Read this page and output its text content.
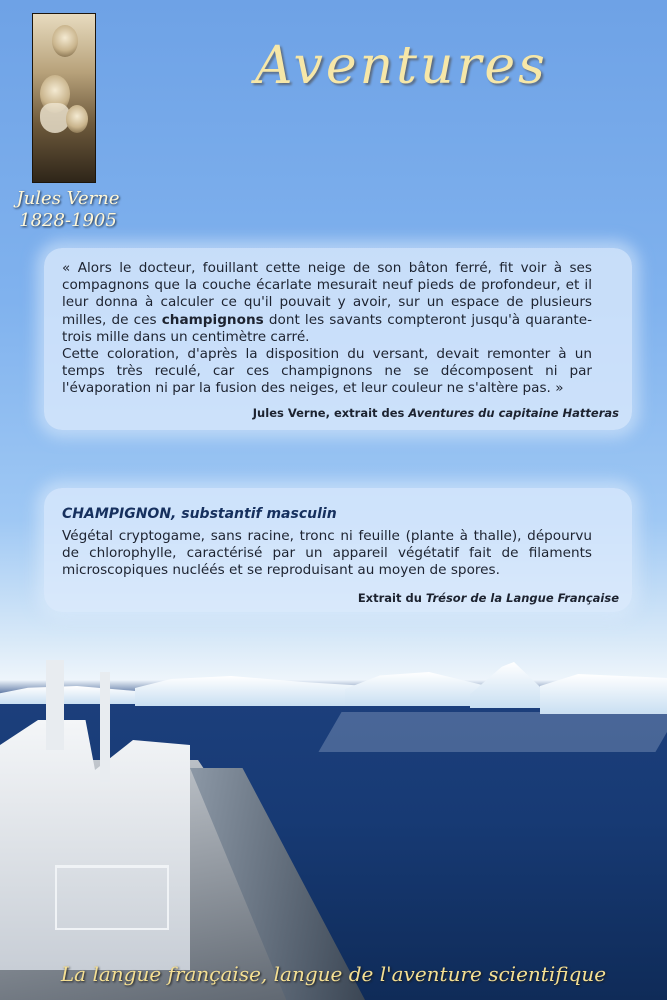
Jules Verne
1828-1905
Aventures
« Alors le docteur, fouillant cette neige de son bâton ferré, fit voir à ses compagnons que la couche écarlate mesurait neuf pieds de profondeur, et il leur donna à calculer ce qu'il pouvait y avoir, sur un espace de plusieurs milles, de ces champignons dont les savants compteront jusqu'à quarante-trois mille dans un centimètre carré.
Cette coloration, d'après la disposition du versant, devait remonter à un temps très reculé, car ces champignons ne se décomposent ni par l'évaporation ni par la fusion des neiges, et leur couleur ne s'altère pas. »
Jules Verne, extrait des Aventures du capitaine Hatteras
CHAMPIGNON, substantif masculin
Végétal cryptogame, sans racine, tronc ni feuille (plante à thalle), dépourvu de chlorophylle, caractérisé par un appareil végétatif fait de filaments microscopiques nucléés et se reproduisant au moyen de spores.
Extrait du Trésor de la Langue Française
La langue française, langue de l'aventure scientifique
